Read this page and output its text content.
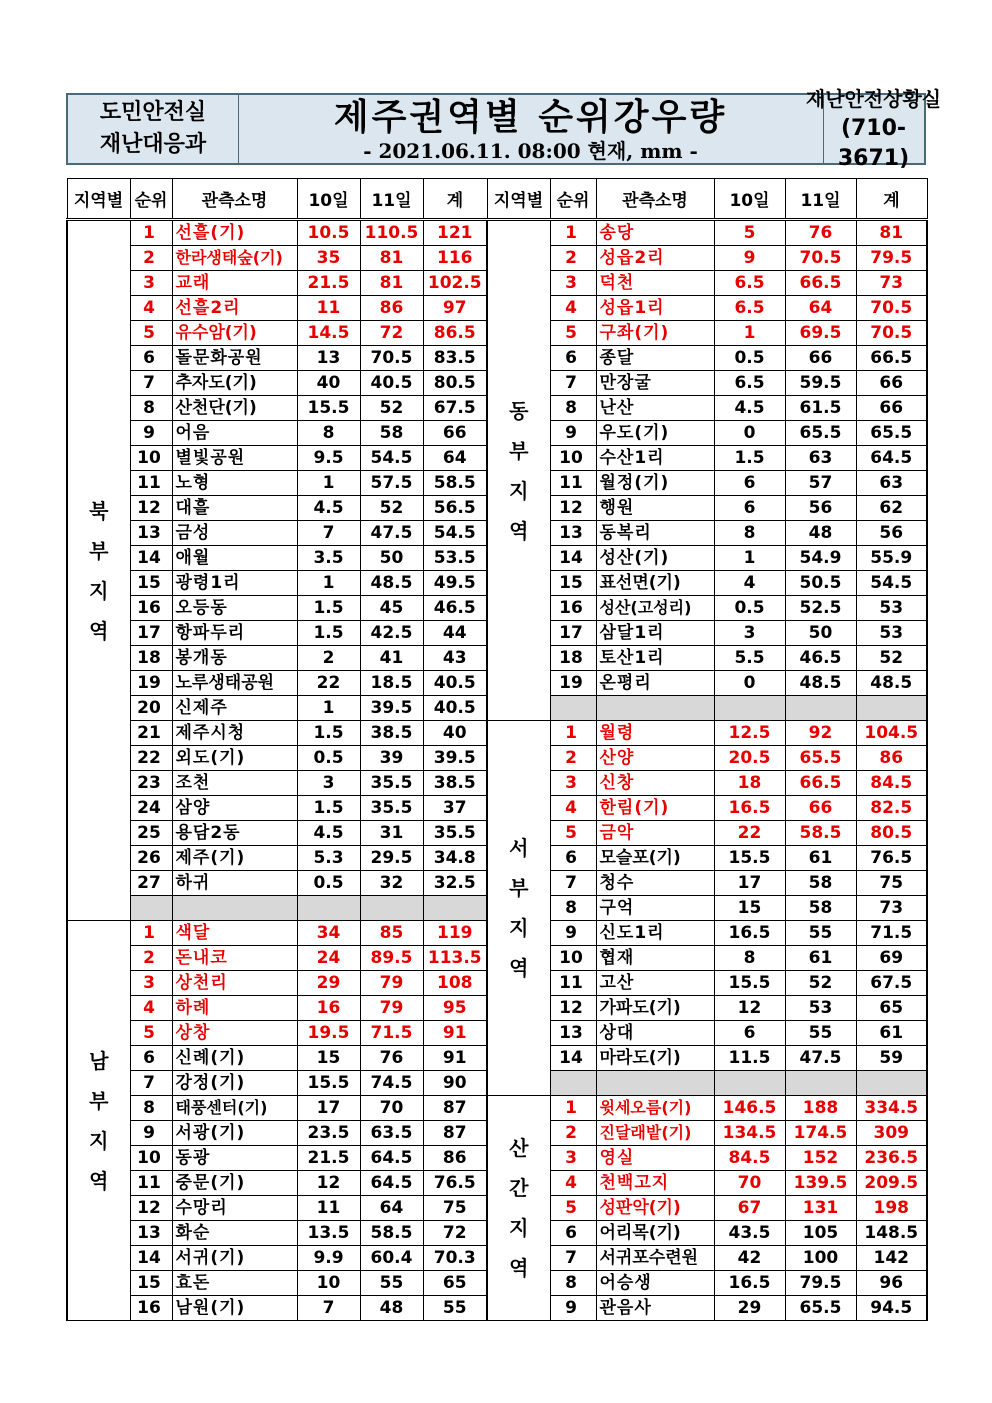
도민안전실
재난대응과
제주권역별 순위강우량
- 2021.06.11. 08:00 현재, mm -
재난안전상황실
(710-3671)
지역별	순위	관측소명	10일	11일	계
북부지역	1	선흘(기)	10.5	110.5	121
	2	한라생태숲(기)	35	81	116
	3	교래	21.5	81	102.5
	4	선흘2리	11	86	97
	5	유수암(기)	14.5	72	86.5
	6	돌문화공원	13	70.5	83.5
	7	추자도(기)	40	40.5	80.5
	8	산천단(기)	15.5	52	67.5
	9	어음	8	58	66
	10	별빛공원	9.5	54.5	64
	11	노형	1	57.5	58.5
	12	대흘	4.5	52	56.5
	13	금성	7	47.5	54.5
	14	애월	3.5	50	53.5
	15	광령1리	1	48.5	49.5
	16	오등동	1.5	45	46.5
	17	항파두리	1.5	42.5	44
	18	봉개동	2	41	43
	19	노루생태공원	22	18.5	40.5
	20	신제주	1	39.5	40.5
	21	제주시청	1.5	38.5	40
	22	외도(기)	0.5	39	39.5
	23	조천	3	35.5	38.5
	24	삼양	1.5	35.5	37
	25	용담2동	4.5	31	35.5
	26	제주(기)	5.3	29.5	34.8
	27	하귀	0.5	32	32.5

남부지역	1	색달	34	85	119
	2	돈내코	24	89.5	113.5
	3	상천리	29	79	108
	4	하례	16	79	95
	5	상창	19.5	71.5	91
	6	신례(기)	15	76	91
	7	강정(기)	15.5	74.5	90
	8	태풍센터(기)	17	70	87
	9	서광(기)	23.5	63.5	87
	10	동광	21.5	64.5	86
	11	중문(기)	12	64.5	76.5
	12	수망리	11	64	75
	13	화순	13.5	58.5	72
	14	서귀(기)	9.9	60.4	70.3
	15	효돈	10	55	65
	16	남원(기)	7	48	55
지역별	순위	관측소명	10일	11일	계
동부지역	1	송당	5	76	81
	2	성읍2리	9	70.5	79.5
	3	덕천	6.5	66.5	73
	4	성읍1리	6.5	64	70.5
	5	구좌(기)	1	69.5	70.5
	6	종달	0.5	66	66.5
	7	만장굴	6.5	59.5	66
	8	난산	4.5	61.5	66
	9	우도(기)	0	65.5	65.5
	10	수산1리	1.5	63	64.5
	11	월정(기)	6	57	63
	12	행원	6	56	62
	13	동복리	8	48	56
	14	성산(기)	1	54.9	55.9
	15	표선면(기)	4	50.5	54.5
	16	성산(고성리)	0.5	52.5	53
	17	삼달1리	3	50	53
	18	토산1리	5.5	46.5	52
	19	온평리	0	48.5	48.5

서부지역	1	월령	12.5	92	104.5
	2	산양	20.5	65.5	86
	3	신창	18	66.5	84.5
	4	한림(기)	16.5	66	82.5
	5	금악	22	58.5	80.5
	6	모슬포(기)	15.5	61	76.5
	7	청수	17	58	75
	8	구억	15	58	73
	9	신도1리	16.5	55	71.5
	10	협재	8	61	69
	11	고산	15.5	52	67.5
	12	가파도(기)	12	53	65
	13	상대	6	55	61
	14	마라도(기)	11.5	47.5	59

산간지역	1	윗세오름(기)	146.5	188	334.5
	2	진달래밭(기)	134.5	174.5	309
	3	영실	84.5	152	236.5
	4	천백고지	70	139.5	209.5
	5	성판악(기)	67	131	198
	6	어리목(기)	43.5	105	148.5
	7	서귀포수련원	42	100	142
	8	어승생	16.5	79.5	96
	9	관음사	29	65.5	94.5
